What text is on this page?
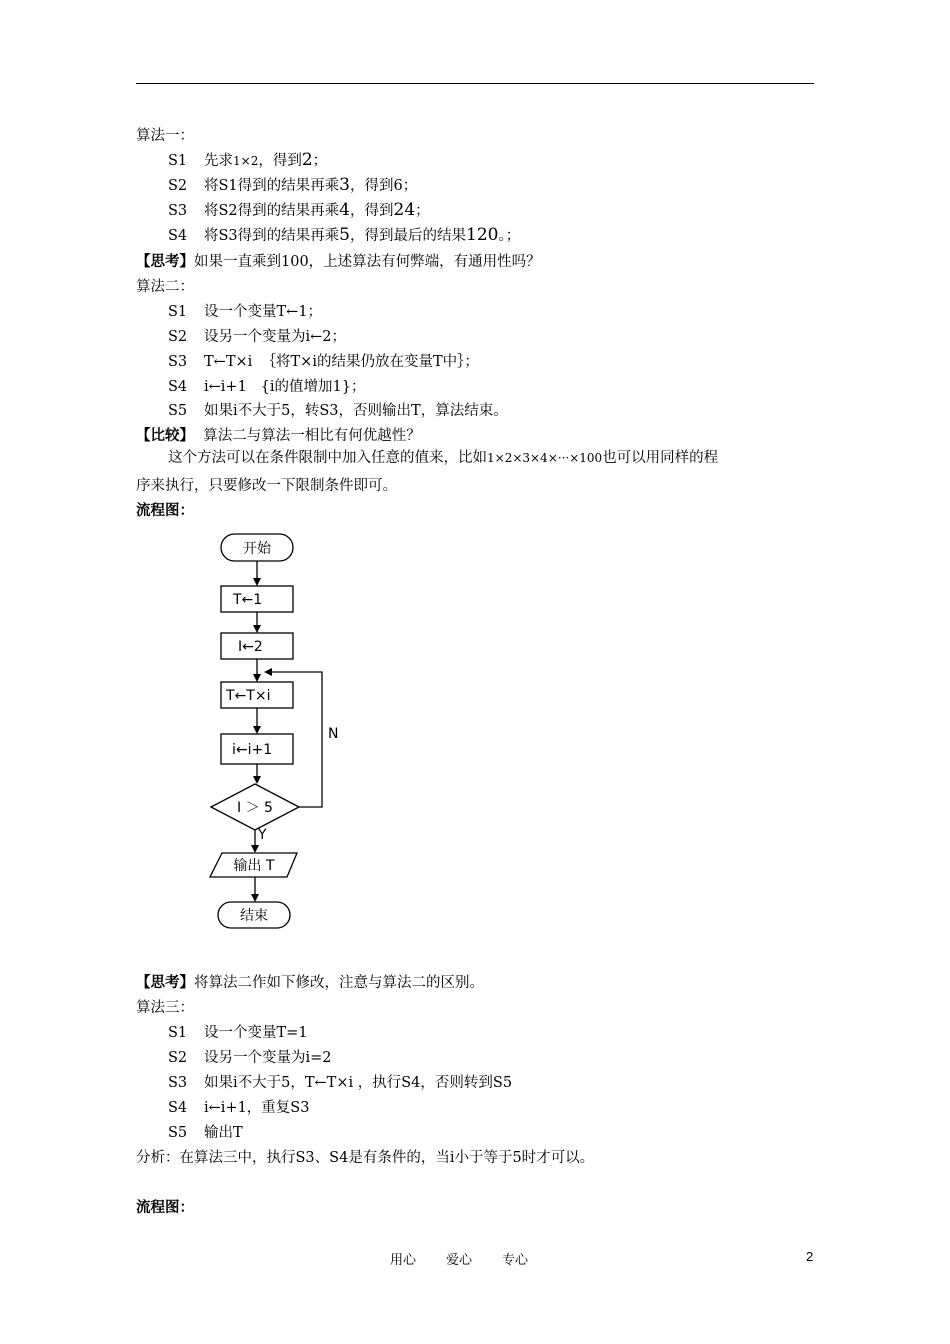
算法一：
S1 先求1×2，得到2；
S2 将S1得到的结果再乘3，得到6；
S3 将S2得到的结果再乘4，得到24；
S4 将S3得到的结果再乘5，得到最后的结果120。；
【思考】如果一直乘到100，上述算法有何弊端，有通用性吗？
算法二：
S1 设一个变量T←1；
S2 设另一个变量为i←2；
S3 T←T×i  ｛将T×i的结果仍放在变量T中｝；
S4 i←i+1   {i的值增加1}；
S5 如果i不大于5，转S3，否则输出T，算法结束。
【比较】  算法二与算法一相比有何优越性？
这个方法可以在条件限制中加入任意的值来，比如1×2×3×4×···×100也可以用同样的程
序来执行，只要修改一下限制条件即可。
流程图：
开始
T←1
I←2
T←T×i
i←i+1
I ＞ 5
N
Y
输出 T
结束
【思考】将算法二作如下修改，注意与算法二的区别。
算法三：
S1 设一个变量T=1
S2 设另一个变量为i=2
S3 如果i不大于5，T←T×i ，执行S4，否则转到S5
S4 i←i+1，重复S3
S5 输出T
分析：在算法三中，执行S3、S4是有条件的，当i小于等于5时才可以。
流程图：
用心 爱心 专心	2
